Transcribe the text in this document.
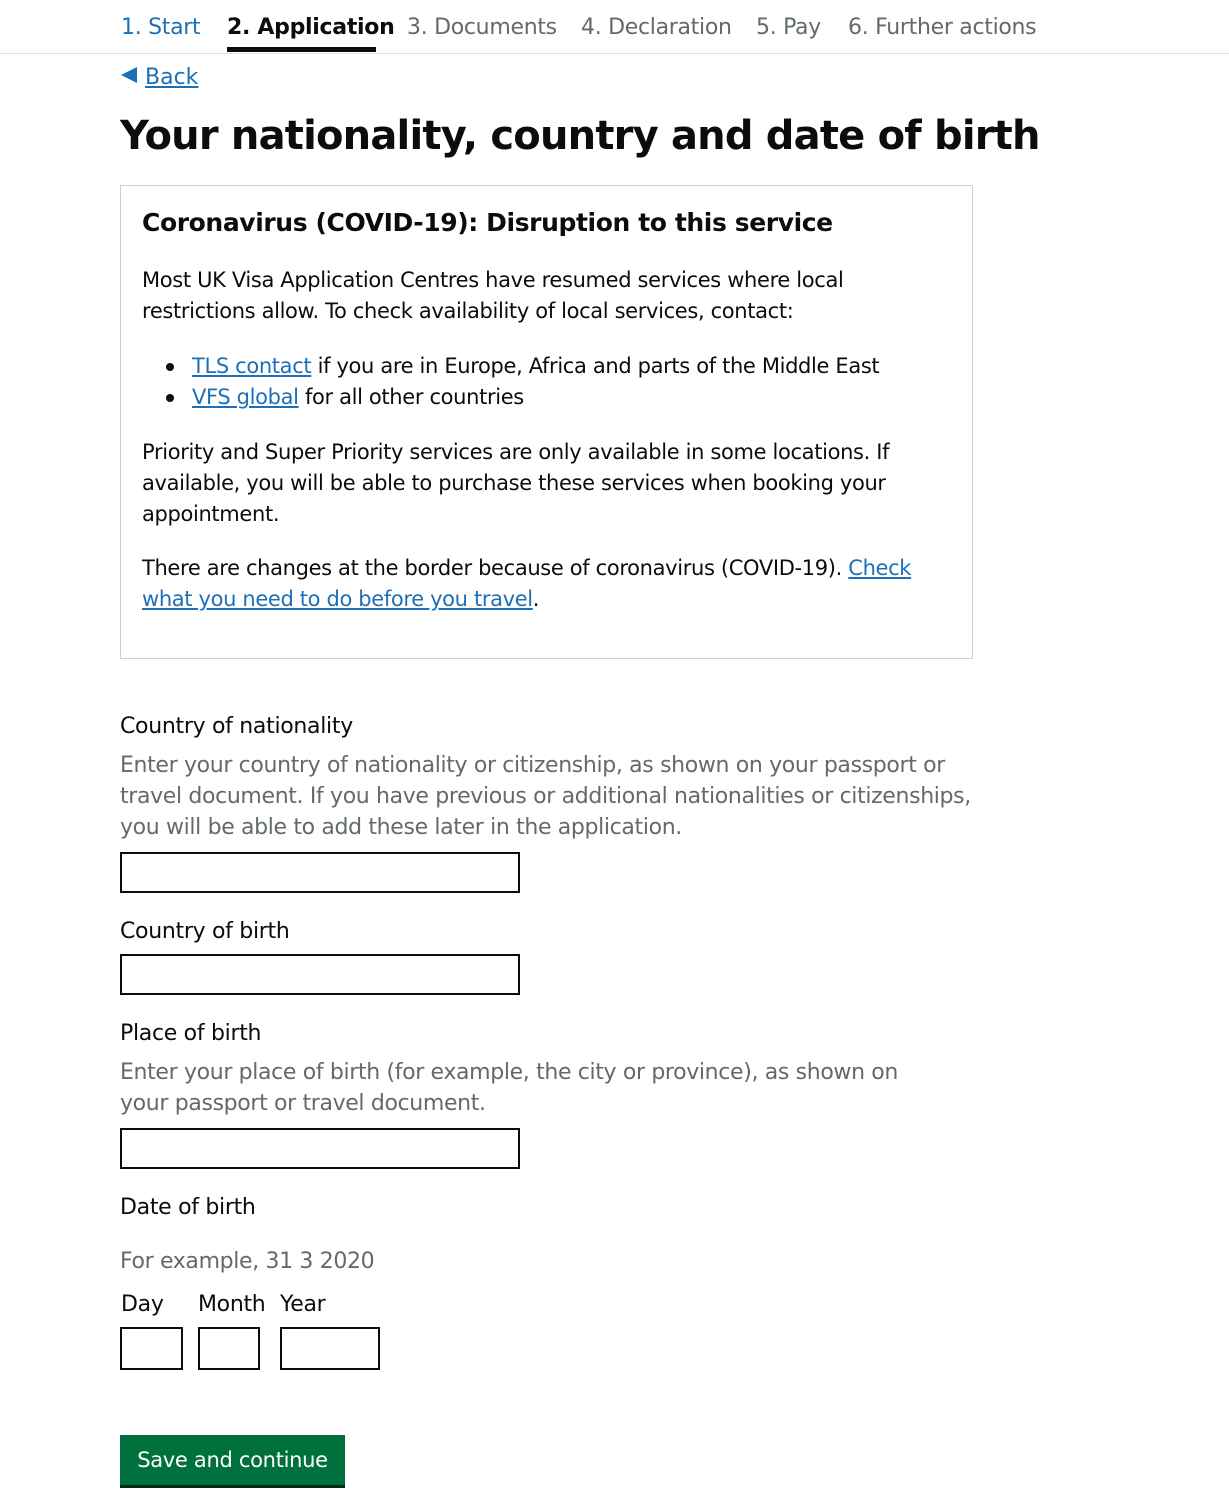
1. Start 2. Application 3. Documents 4. Declaration 5. Pay 6. Further actions
Back
Your nationality, country and date of birth
Coronavirus (COVID-19): Disruption to this service
Most UK Visa Application Centres have resumed services where local restrictions allow. To check availability of local services, contact:
TLS contact if you are in Europe, Africa and parts of the Middle East
VFS global for all other countries
Priority and Super Priority services are only available in some locations. If available, you will be able to purchase these services when booking your appointment.
There are changes at the border because of coronavirus (COVID-19). Check what you need to do before you travel.
Country of nationality
Enter your country of nationality or citizenship, as shown on your passport or travel document. If you have previous or additional nationalities or citizenships, you will be able to add these later in the application.
Country of birth
Place of birth
Enter your place of birth (for example, the city or province), as shown on your passport or travel document.
Date of birth
For example, 31 3 2020
Day Month Year
Save and continue
